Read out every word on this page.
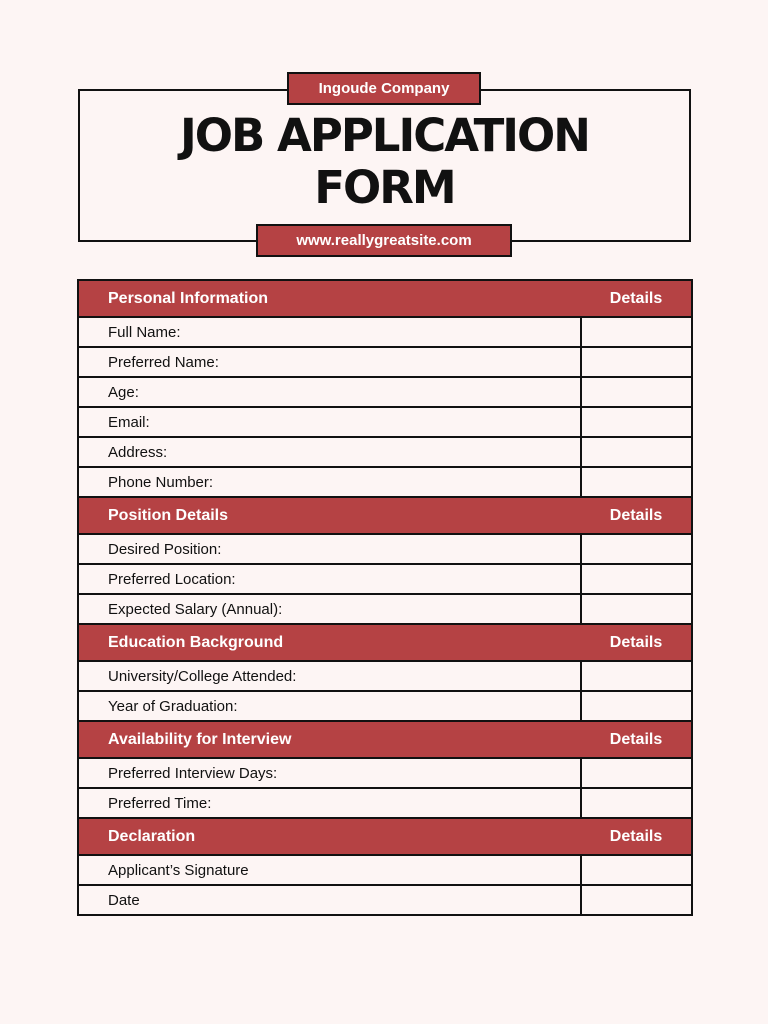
Ingoude Company
JOB APPLICATION
FORM
www.reallygreatsite.com
Personal Information	Details
Full Name:	
Preferred Name:	
Age:	
Email:	
Address:	
Phone Number:	
Position Details	Details
Desired Position:	
Preferred Location:	
Expected Salary (Annual):	
Education Background	Details
University/College Attended:	
Year of Graduation:	
Availability for Interview	Details
Preferred Interview Days:	
Preferred Time:	
Declaration	Details
Applicant’s Signature	
Date	
